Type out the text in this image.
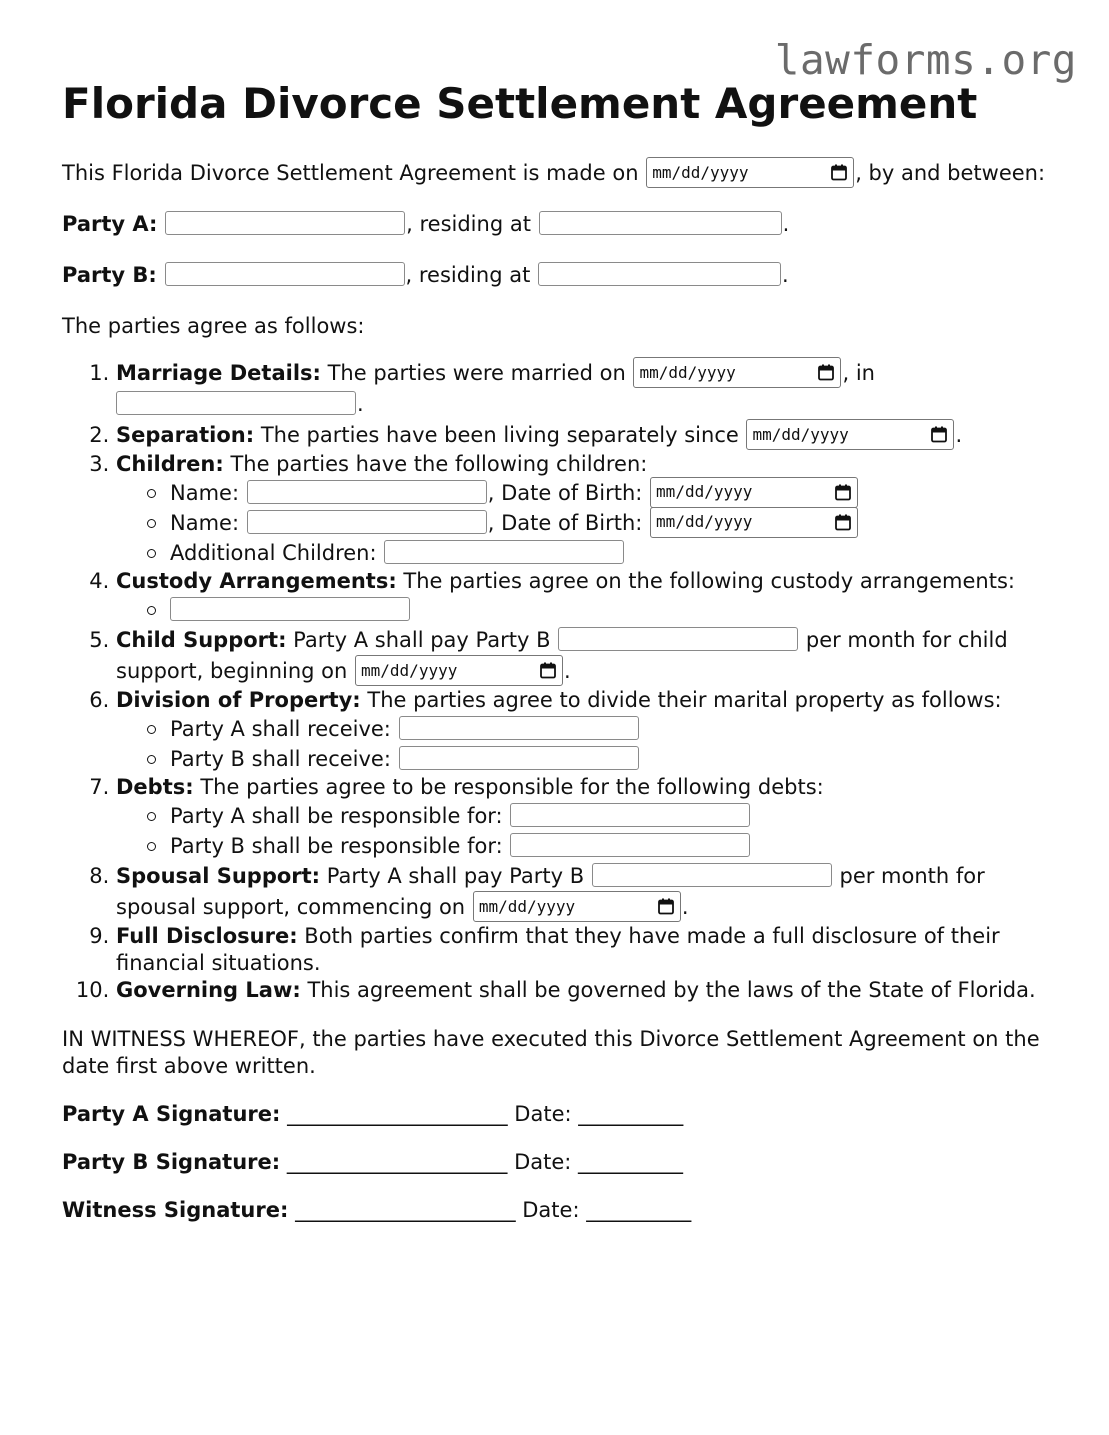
lawforms.org
Florida Divorce Settlement Agreement

This Florida Divorce Settlement Agreement is made on mm/dd/yyyy	, by and between:

Party A:	, residing at	.

Party B:	, residing at	.

The parties agree as follows:

1. Marriage Details: The parties were married on mm/dd/yyyy	, in
.
2. Separation: The parties have been living separately since mm/dd/yyyy	.
3. Children: The parties have the following children:
Name:	, Date of Birth: mm/dd/yyyy
Name:	, Date of Birth: mm/dd/yyyy
Additional Children:
4. Custody Arrangements: The parties agree on the following custody arrangements:
5. Child Support: Party A shall pay Party B	per month for child support, beginning on mm/dd/yyyy	.
6. Division of Property: The parties agree to divide their marital property as follows:
Party A shall receive:
Party B shall receive:
7. Debts: The parties agree to be responsible for the following debts:
Party A shall be responsible for:
Party B shall be responsible for:
8. Spousal Support: Party A shall pay Party B	per month for spousal support, commencing on mm/dd/yyyy	.
9. Full Disclosure: Both parties confirm that they have made a full disclosure of their financial situations.
10. Governing Law: This agreement shall be governed by the laws of the State of Florida.

IN WITNESS WHEREOF, the parties have executed this Divorce Settlement Agreement on the date first above written.

Party A Signature: _____________________ Date: __________

Party B Signature: _____________________ Date: __________

Witness Signature: _____________________ Date: __________
